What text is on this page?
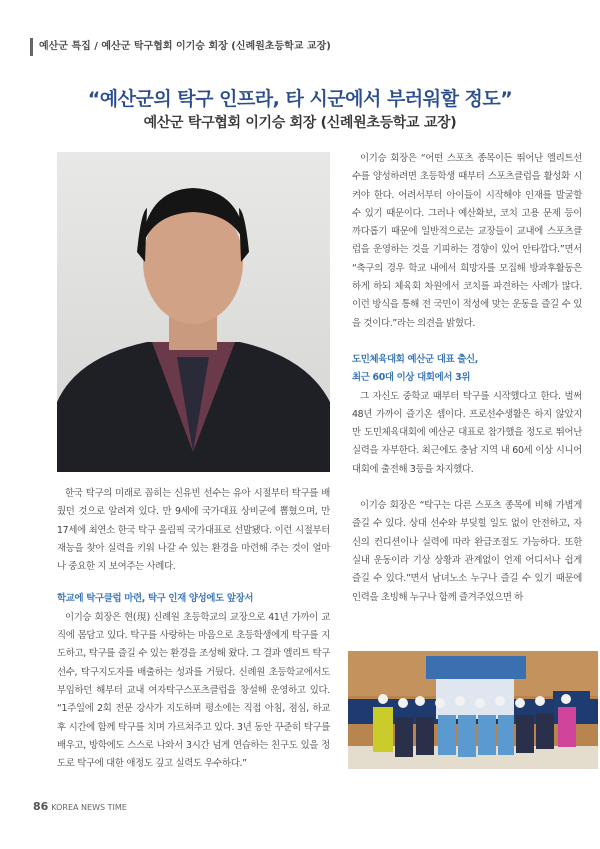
예산군 특집 / 예산군 탁구협회 이기승 회장 (신례원초등학교 교장)
“예산군의 탁구 인프라, 타 시군에서 부러워할 정도”
예산군 탁구협회 이기승 회장 (신례원초등학교 교장)

이기승 회장은 “어떤 스포츠 종목이든 뛰어난 엘리트선수를 양성하려면 초등학생 때부터 스포츠클럽을 활성화 시켜야 한다. 어려서부터 아이들이 시작해야 인재를 발굴할 수 있기 때문이다. 그러나 예산확보, 코치 고용 문제 등이 까다롭기 때문에 일반적으로는 교장들이 교내에 스포츠클럽을 운영하는 것을 기피하는 경향이 있어 안타깝다.”면서 “축구의 경우 학교 내에서 희망자를 모집해 방과후활동은 하게 하되 체육회 차원에서 코치를 파견하는 사례가 많다. 이런 방식을 통해 전 국민이 적성에 맞는 운동을 즐길 수 있을 것이다.”라는 의견을 밝혔다.

도민체육대회 예산군 대표 출신,

최근 60대 이상 대회에서 3위

그 자신도 중학교 때부터 탁구를 시작했다고 한다. 벌써 48년 가까이 즐기온 셈이다. 프로선수생활은 하지 않았지만 도민체육대회에 예산군 대표로 참가했을 정도로 뛰어난 실력을 자부한다. 최근에도 충남 지역 내 60세 이상 시니어대회에 출전해 3등을 차지했다.

이기승 회장은 “탁구는 다른 스포츠 종목에 비해 가볍게 즐길 수 있다. 상대 선수와 부딪힐 일도 없이 안전하고, 자신의 컨디션이나 실력에 따라 완급조절도 가능하다. 또한 실내 운동이라 기상 상황과 관계없이 언제 어디서나 쉽게 즐길 수 있다.”면서 남녀노소 누구나 즐길 수 있기 때문에 인력을 초빙해 누구나 함께 즐겨주었으면 하

한국 탁구의 미래로 꼽히는 신유빈 선수는 유아 시절부터 탁구를 배웠던 것으로 알려져 있다. 만 9세에 국가대표 상비군에 뽑혔으며, 만 17세에 최연소 한국 탁구 올림픽 국가대표로 선발됐다. 이런 시절부터 재능을 찾아 실력을 키워 나갈 수 있는 환경을 마련해 주는 것이 얼마나 중요한 지 보여주는 사례다.

학교에 탁구클럽 마련, 탁구 인재 양성에도 앞장서

이기승 회장은 현(現) 신례원 초등학교의 교장으로 41년 가까이 교직에 몸담고 있다. 탁구를 사랑하는 마음으로 초등학생에게 탁구를 지도하고, 탁구를 즐길 수 있는 환경을 조성해 왔다. 그 결과 엘리트 탁구선수, 탁구지도자를 배출하는 성과를 거뒀다. 신례원 초등학교에서도 부임하던 해부터 교내 여자탁구스포츠클럽을 창설해 운영하고 있다. “1주일에 2회 전문 강사가 지도하며 평소에는 직접 아침, 점심, 하교 후 시간에 함께 탁구를 치며 가르쳐주고 있다. 3년 동안 꾸준히 탁구를 배우고, 방학에도 스스로 나와서 3시간 넘게 연습하는 친구도 있을 정도로 탁구에 대한 애정도 깊고 실력도 우수하다.”

86 KOREA NEWS TIME
